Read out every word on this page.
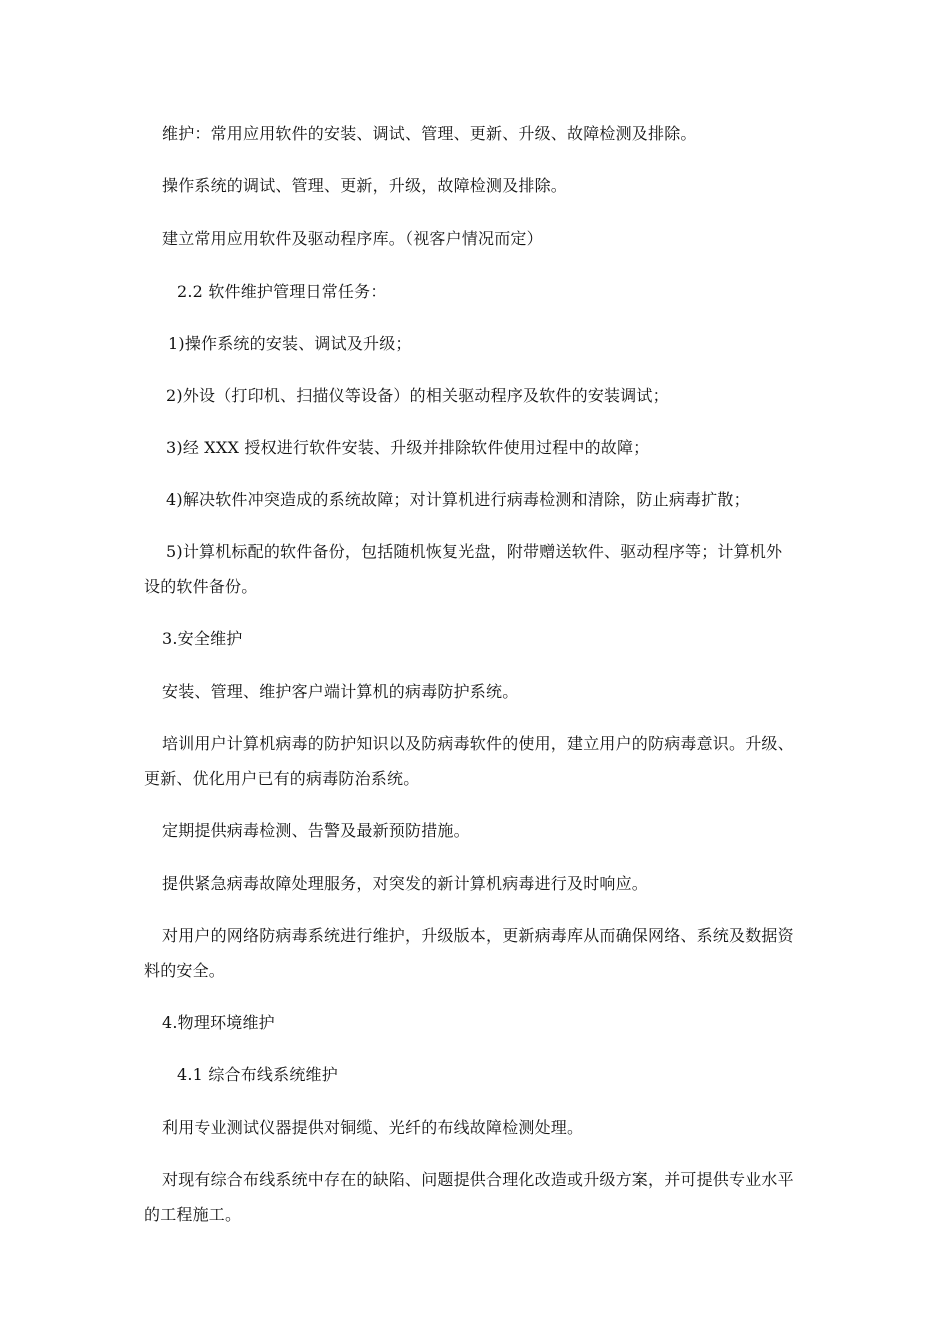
维护：常用应用软件的安装、调试、管理、更新、升级、故障检测及排除。
操作系统的调试、管理、更新，升级，故障检测及排除。
建立常用应用软件及驱动程序库。（视客户情况而定）
2.2 软件维护管理日常任务：
1)操作系统的安装、调试及升级；
2)外设（打印机、扫描仪等设备）的相关驱动程序及软件的安装调试；
3)经 XXX 授权进行软件安装、升级并排除软件使用过程中的故障；
4)解决软件冲突造成的系统故障；对计算机进行病毒检测和清除，防止病毒扩散；
5)计算机标配的软件备份，包括随机恢复光盘，附带赠送软件、驱动程序等；计算机外
设的软件备份。
3.安全维护
安装、管理、维护客户端计算机的病毒防护系统。
培训用户计算机病毒的防护知识以及防病毒软件的使用，建立用户的防病毒意识。升级、
更新、优化用户已有的病毒防治系统。
定期提供病毒检测、告警及最新预防措施。
提供紧急病毒故障处理服务，对突发的新计算机病毒进行及时响应。
对用户的网络防病毒系统进行维护，升级版本，更新病毒库从而确保网络、系统及数据资
料的安全。
4.物理环境维护
4.1 综合布线系统维护
利用专业测试仪器提供对铜缆、光纤的布线故障检测处理。
对现有综合布线系统中存在的缺陷、问题提供合理化改造或升级方案，并可提供专业水平
的工程施工。
